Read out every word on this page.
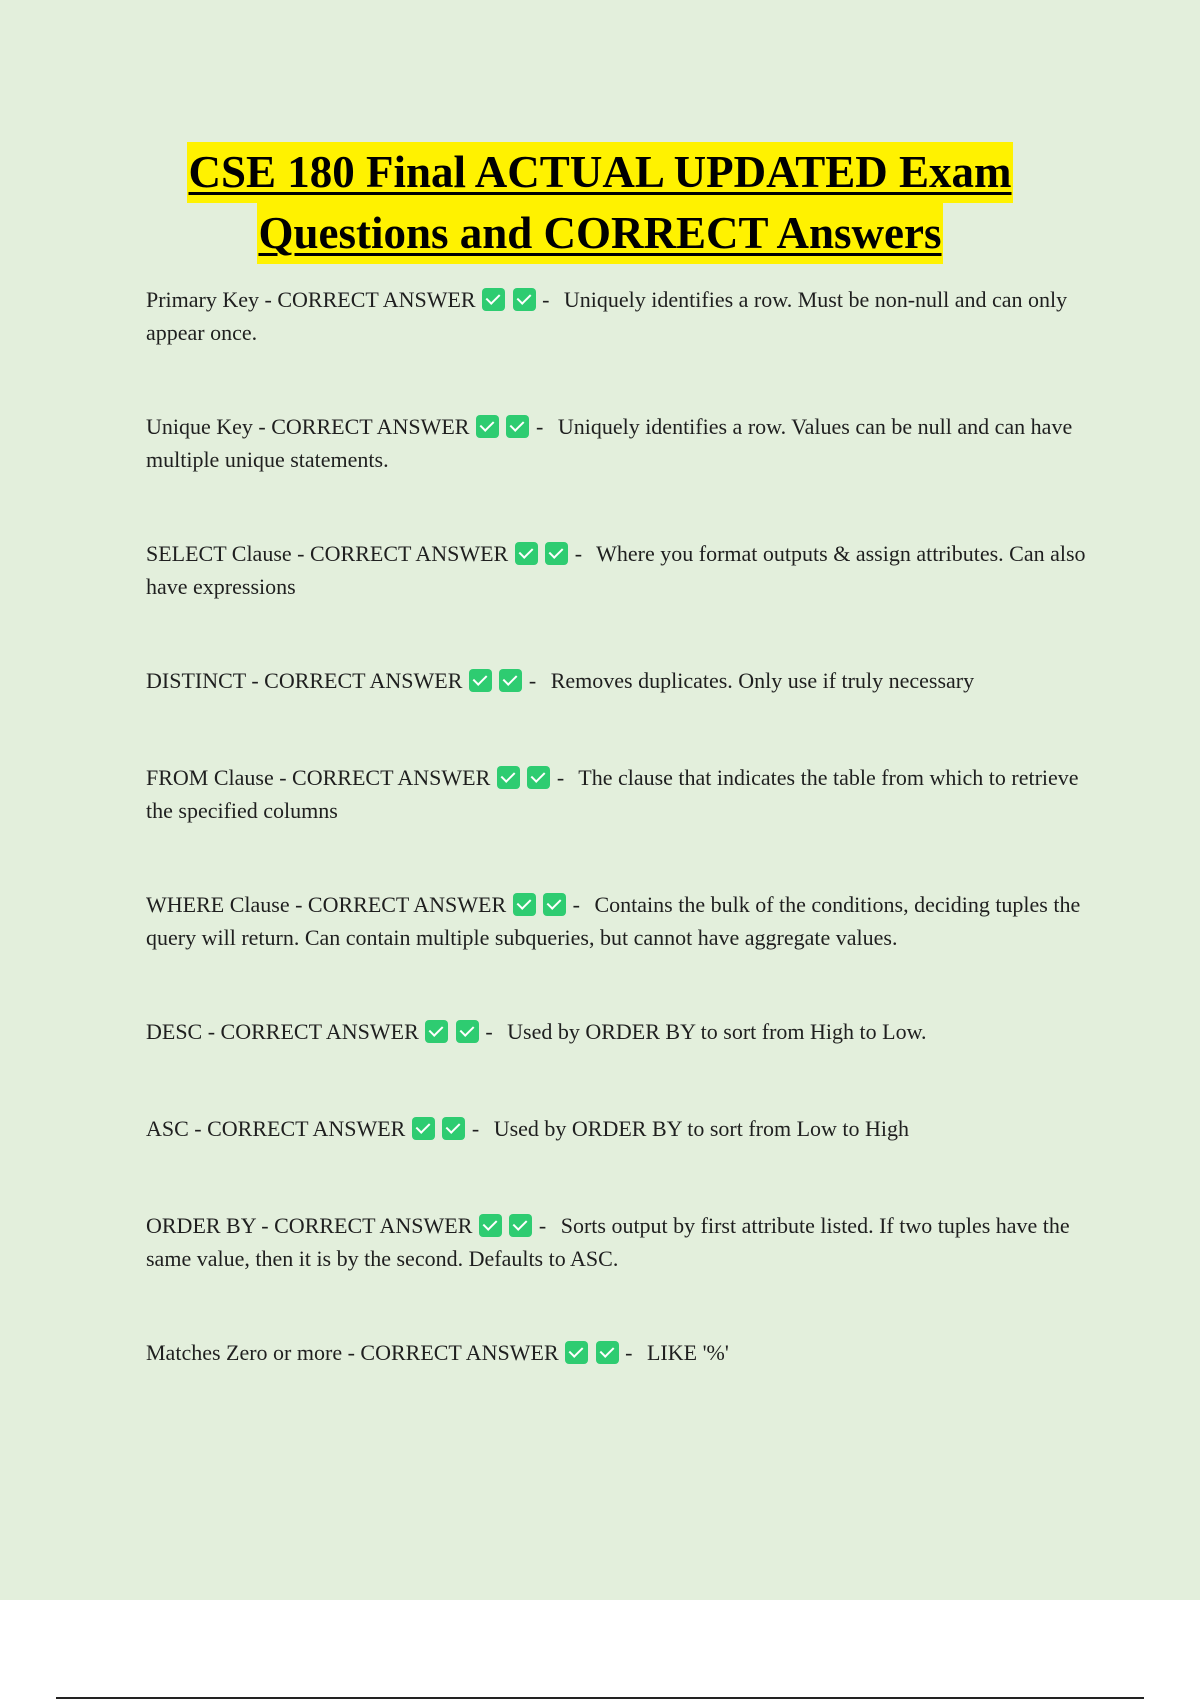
CSE 180 Final ACTUAL UPDATED Exam
Questions and CORRECT Answers
Primary Key - CORRECT ANSWER	- Uniquely identifies a row. Must be non-null and can only appear once.
Unique Key - CORRECT ANSWER	- Uniquely identifies a row. Values can be null and can have multiple unique statements.
SELECT Clause - CORRECT ANSWER	- Where you format outputs & assign attributes. Can also have expressions
DISTINCT - CORRECT ANSWER	- Removes duplicates. Only use if truly necessary
FROM Clause - CORRECT ANSWER	- The clause that indicates the table from which to retrieve the specified columns
WHERE Clause - CORRECT ANSWER	- Contains the bulk of the conditions, deciding tuples the query will return. Can contain multiple subqueries, but cannot have aggregate values.
DESC - CORRECT ANSWER	- Used by ORDER BY to sort from High to Low.
ASC - CORRECT ANSWER	- Used by ORDER BY to sort from Low to High
ORDER BY - CORRECT ANSWER	- Sorts output by first attribute listed. If two tuples have the same value, then it is by the second. Defaults to ASC.
Matches Zero or more - CORRECT ANSWER	- LIKE '%'
